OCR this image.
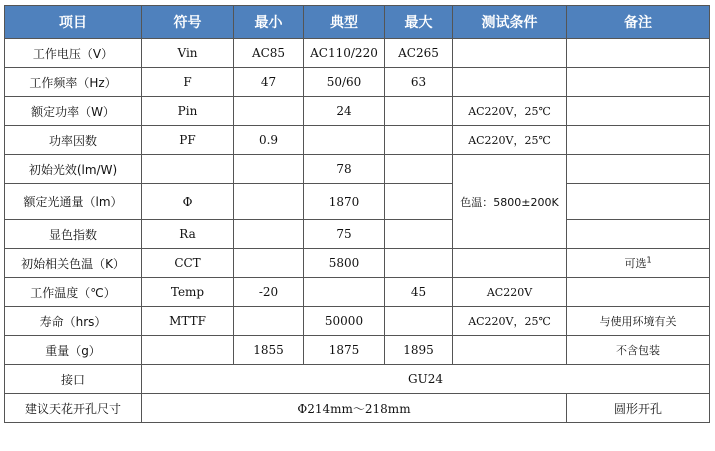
项目	符号	最小	典型	最大	测试条件	备注
工作电压（V）	Vin	AC85	AC110/220	AC265		
工作频率（Hz）	F	47	50/60	63		
额定功率（W）	Pin		24		AC220V，25℃	
功率因数	PF	0.9			AC220V，25℃	
初始光效(lm/W)			78		色温：5800±200K	
额定光通量（lm）	Φ		1870			
显色指数	Ra		75			
初始相关色温（K）	CCT		5800			可选$^1$
工作温度（℃）	Temp	-20		45	AC220V	
寿命（hrs）	MTTF		50000		AC220V，25℃	与使用环境有关
重量（g）		1855	1875	1895		不含包装
接口	GU24					
建议天花开孔尺寸	Φ214mm～218mm					圆形开孔
